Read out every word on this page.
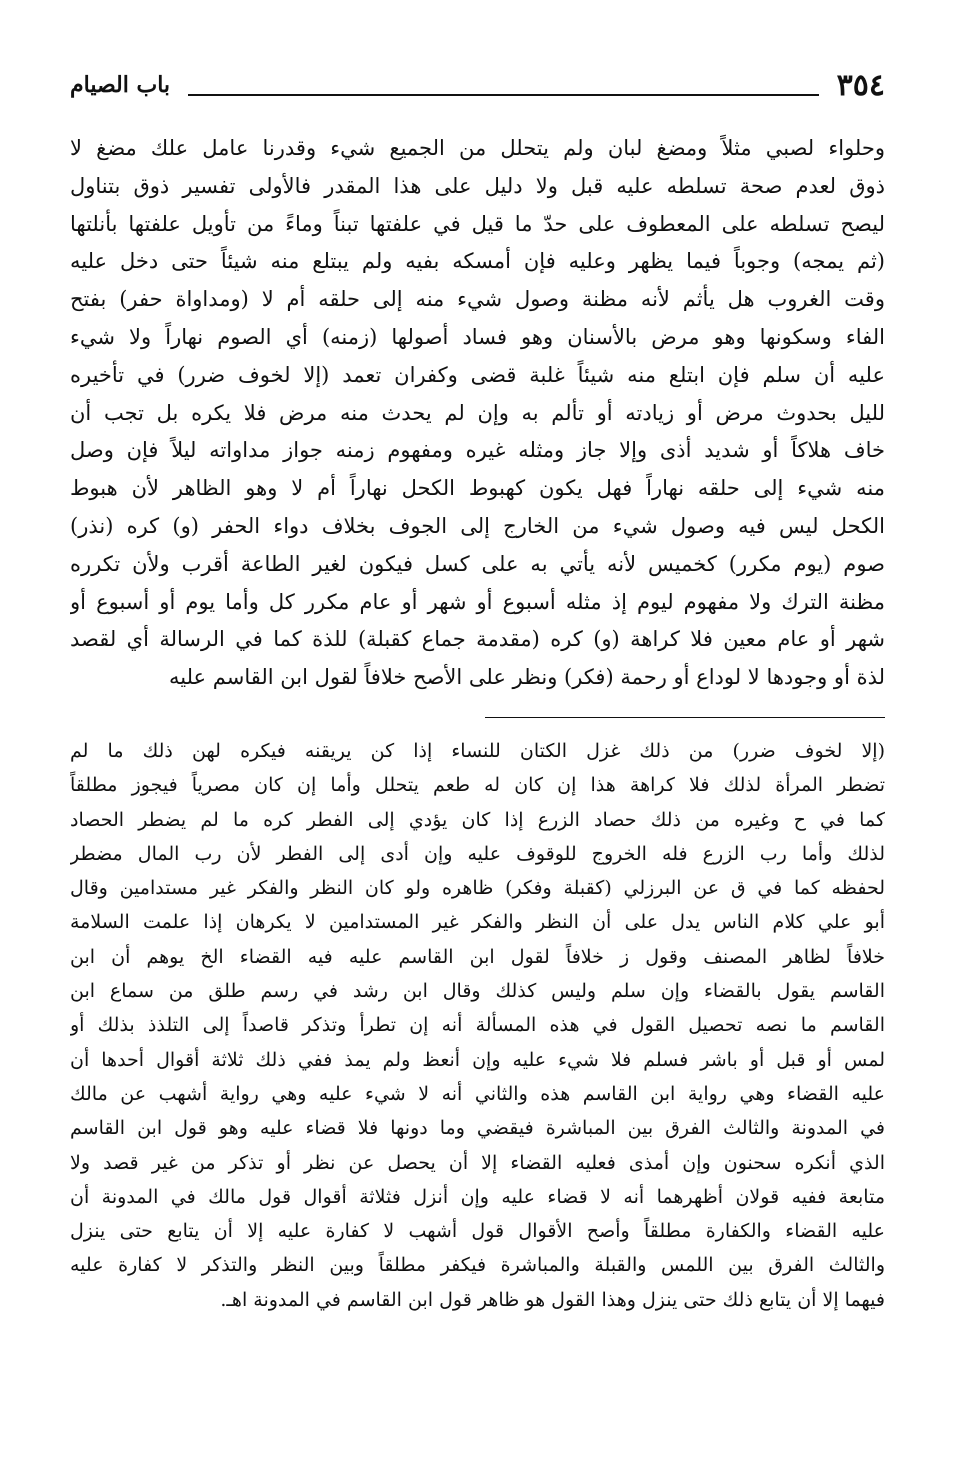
٣٥٤
باب الصيام
وحلواء لصبي مثلاً ومضغ لبان ولم يتحلل من الجميع شيء وقدرنا عامل علك مضغ لا
ذوق لعدم صحة تسلطه عليه قبل ولا دليل على هذا المقدر فالأولى تفسير ذوق بتناول
ليصح تسلطه على المعطوف على حدّ ما قيل في علفتها تبناً وماءً من تأويل علفتها بأنلتها
(ثم يمجه) وجوباً فيما يظهر وعليه فإن أمسكه بفيه ولم يبتلع منه شيئاً حتى دخل عليه
وقت الغروب هل يأثم لأنه مظنة وصول شيء منه إلى حلقه أم لا (ومداواة حفر) بفتح
الفاء وسكونها وهو مرض بالأسنان وهو فساد أصولها (زمنه) أي الصوم نهاراً ولا شيء
عليه أن سلم فإن ابتلع منه شيئاً غلبة قضى وكفران تعمد (إلا لخوف ضرر) في تأخيره
لليل بحدوث مرض أو زيادته أو تألم به وإن لم يحدث منه مرض فلا يكره بل تجب أن
خاف هلاكاً أو شديد أذى وإلا جاز ومثله غيره ومفهوم زمنه جواز مداواته ليلاً فإن وصل
منه شيء إلى حلقه نهاراً فهل يكون كهبوط الكحل نهاراً أم لا وهو الظاهر لأن هبوط
الكحل ليس فيه وصول شيء من الخارج إلى الجوف بخلاف دواء الحفر (و) كره (نذر)
صوم (يوم مكرر) كخميس لأنه يأتي به على كسل فيكون لغير الطاعة أقرب ولأن تكرره
مظنة الترك ولا مفهوم ليوم إذ مثله أسبوع أو شهر أو عام مكرر كل وأما يوم أو أسبوع أو
شهر أو عام معين فلا كراهة (و) كره (مقدمة جماع كقبلة) للذة كما في الرسالة أي لقصد
لذة أو وجودها لا لوداع أو رحمة (فكر) ونظر على الأصح خلافاً لقول ابن القاسم عليه
(إلا لخوف ضرر) من ذلك غزل الكتان للنساء إذا كن يريقنه فيكره لهن ذلك ما لم
تضطر المرأة لذلك فلا كراهة هذا إن كان له طعم يتحلل وأما إن كان مصرياً فيجوز مطلقاً
كما في ح وغيره من ذلك حصاد الزرع إذا كان يؤدي إلى الفطر كره ما لم يضطر الحصاد
لذلك وأما رب الزرع فله الخروج للوقوف عليه وإن أدى إلى الفطر لأن رب المال مضطر
لحفظه كما في ق عن البرزلي (كقبلة وفكر) ظاهره ولو كان النظر والفكر غير مستدامين وقال
أبو علي كلام الناس يدل على أن النظر والفكر غير المستدامين لا يكرهان إذا علمت السلامة
خلافاً لظاهر المصنف وقول ز خلافاً لقول ابن القاسم عليه فيه القضاء الخ يوهم أن ابن
القاسم يقول بالقضاء وإن سلم وليس كذلك وقال ابن رشد في رسم طلق من سماع ابن
القاسم ما نصه تحصيل القول في هذه المسألة أنه إن تطرأ وتذكر قاصداً إلى التلذذ بذلك أو
لمس أو قبل أو باشر فسلم فلا شيء عليه وإن أنعظ ولم يمذ ففي ذلك ثلاثة أقوال أحدها أن
عليه القضاء وهي رواية ابن القاسم هذه والثاني أنه لا شيء عليه وهي رواية أشهب عن مالك
في المدونة والثالث الفرق بين المباشرة فيقضي وما دونها فلا قضاء عليه وهو قول ابن القاسم
الذي أنكره سحنون وإن أمذى فعليه القضاء إلا أن يحصل عن نظر أو تذكر من غير قصد ولا
متابعة ففيه قولان أظهرهما أنه لا قضاء عليه وإن أنزل فثلاثة أقوال قول مالك في المدونة أن
عليه القضاء والكفارة مطلقاً وأصح الأقوال قول أشهب لا كفارة عليه إلا أن يتابع حتى ينزل
والثالث الفرق بين اللمس والقبلة والمباشرة فيكفر مطلقاً وبين النظر والتذكر لا كفارة عليه
فيهما إلا أن يتابع ذلك حتى ينزل وهذا القول هو ظاهر قول ابن القاسم في المدونة اهـ.
